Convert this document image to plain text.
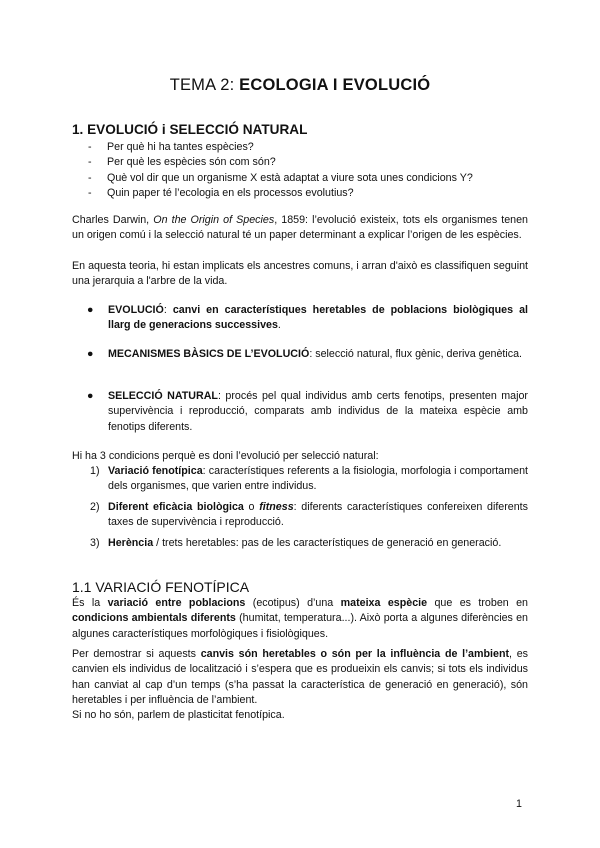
TEMA 2: ECOLOGIA I EVOLUCIÓ
1. EVOLUCIÓ i SELECCIÓ NATURAL
-	Per què hi ha tantes espècies?
-	Per què les espècies són com són?
-	Què vol dir que un organisme X està adaptat a viure sota unes condicions Y?
-	Quin paper té l’ecologia en els processos evolutius?
Charles Darwin, On the Origin of Species, 1859: l’evolució existeix, tots els organismes tenen un origen comú i la selecció natural té un paper determinant a explicar l’origen de les espècies.
En aquesta teoria, hi estan implicats els ancestres comuns, i arran d'això es classifiquen seguint una jerarquia a l'arbre de la vida.
●	EVOLUCIÓ: canvi en característiques heretables de poblacions biològiques al llarg de generacions successives.
●	MECANISMES BÀSICS DE L’EVOLUCIÓ: selecció natural, flux gènic, deriva genètica.
●	SELECCIÓ NATURAL: procés pel qual individus amb certs fenotips, presenten major supervivència i reproducció, comparats amb individus de la mateixa espècie amb fenotips diferents.
Hi ha 3 condicions perquè es doni l’evolució per selecció natural:
1) Variació fenotípica: característiques referents a la fisiologia, morfologia i comportament dels organismes, que varien entre individus.
2) Diferent eficàcia biològica o fitness: diferents característiques confereixen diferents taxes de supervivència i reproducció.
3) Herència / trets heretables: pas de les característiques de generació en generació.
1.1 VARIACIÓ FENOTÍPICA
És la variació entre poblacions (ecotipus) d’una mateixa espècie que es troben en condicions ambientals diferents (humitat, temperatura...). Això porta a algunes diferències en algunes característiques morfològiques i fisiològiques.
Per demostrar si aquests canvis són heretables o són per la influència de l’ambient, es canvien els individus de localització i s’espera que es produeixin els canvis; si tots els individus han canviat al cap d’un temps (s’ha passat la característica de generació en generació), són heretables i per influència de l’ambient.
Si no ho són, parlem de plasticitat fenotípica.
1
